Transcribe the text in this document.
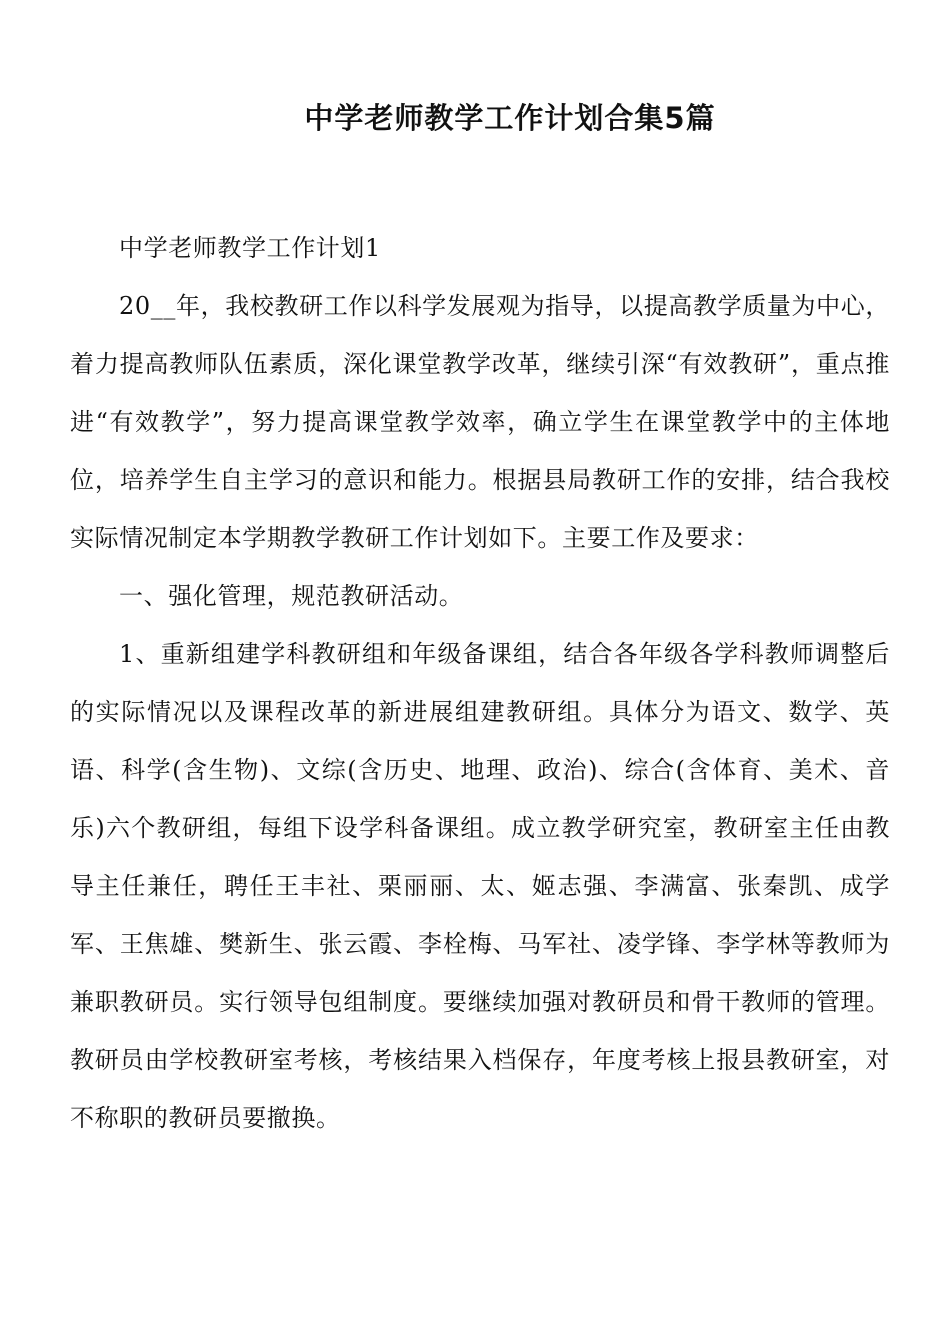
中学老师教学工作计划合集5篇

中学老师教学工作计划1

20__年，我校教研工作以科学发展观为指导，以提高教学质量为中心，着力提高教师队伍素质，深化课堂教学改革，继续引深“有效教研”，重点推进“有效教学”，努力提高课堂教学效率，确立学生在课堂教学中的主体地位，培养学生自主学习的意识和能力。根据县局教研工作的安排，结合我校实际情况制定本学期教学教研工作计划如下。主要工作及要求：

一、强化管理，规范教研活动。

1、重新组建学科教研组和年级备课组，结合各年级各学科教师调整后的实际情况以及课程改革的新进展组建教研组。具体分为语文、数学、英语、科学(含生物)、文综(含历史、地理、政治)、综合(含体育、美术、音乐)六个教研组，每组下设学科备课组。成立教学研究室，教研室主任由教导主任兼任，聘任王丰社、栗丽丽、太、姬志强、李满富、张秦凯、成学军、王焦雄、樊新生、张云霞、李栓梅、马军社、凌学锋、李学林等教师为兼职教研员。实行领导包组制度。要继续加强对教研员和骨干教师的管理。教研员由学校教研室考核，考核结果入档保存，年度考核上报县教研室，对不称职的教研员要撤换。
